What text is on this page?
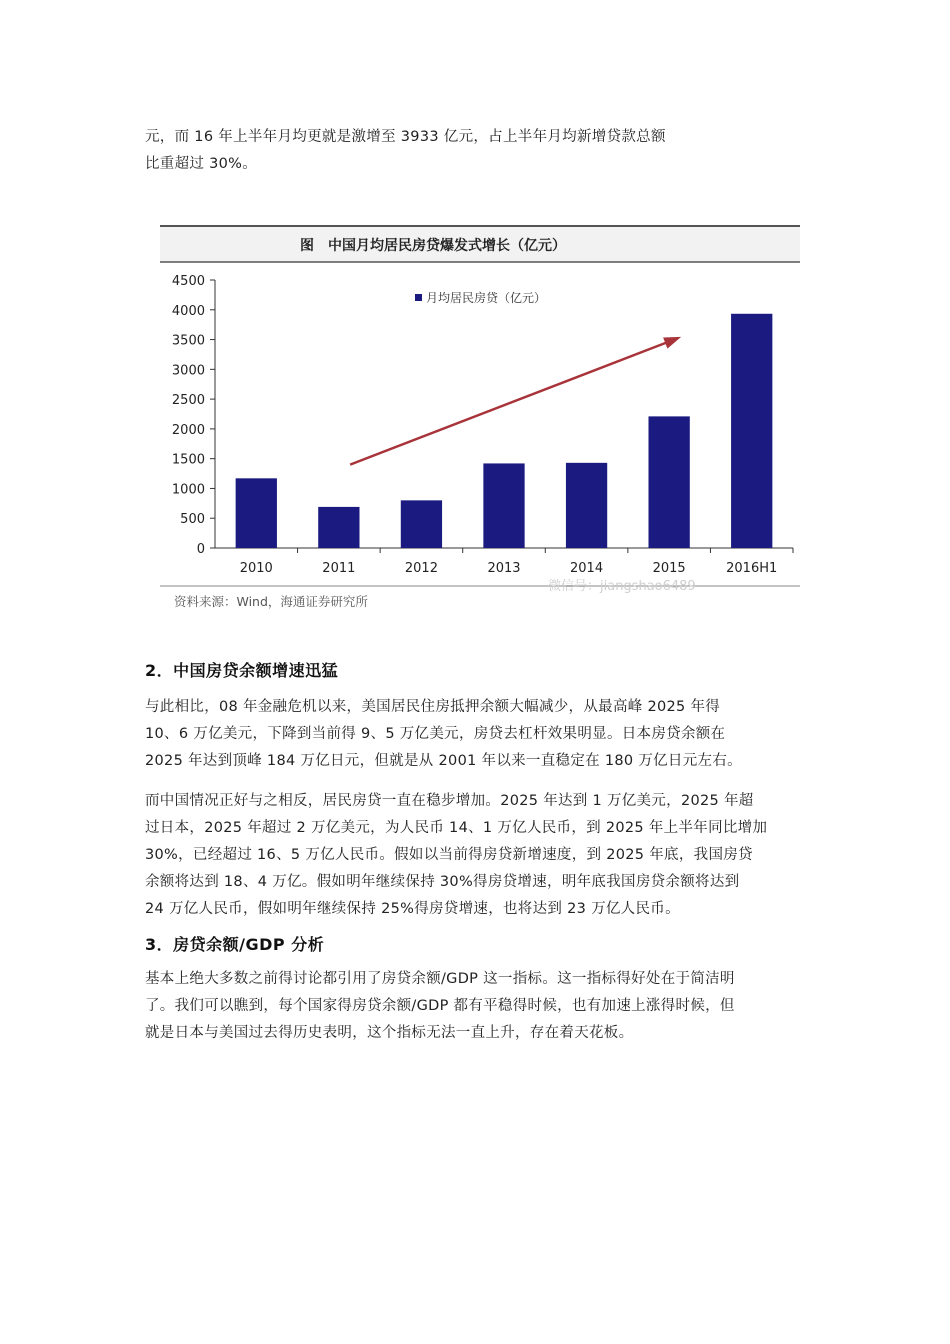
元，而 16 年上半年月均更就是激增至 3933 亿元，占上半年月均新增贷款总额

比重超过 30%。

图　中国月均居民房贷爆发式增长（亿元）
0
500
1000
1500
2000
2500
3000
3500
4000
4500
2010	2011	2012	2013	2014	2015	2016H1
月均居民房贷（亿元）
资料来源：Wind，海通证券研究所
微信号：jiangshao6489
2．中国房贷余额增速迅猛

与此相比，08 年金融危机以来，美国居民住房抵押余额大幅减少，从最高峰 2025 年得

10、6 万亿美元，下降到当前得 9、5 万亿美元，房贷去杠杆效果明显。日本房贷余额在

2025 年达到顶峰 184 万亿日元，但就是从 2001 年以来一直稳定在 180 万亿日元左右。

而中国情况正好与之相反，居民房贷一直在稳步增加。2025 年达到 1 万亿美元，2025 年超

过日本，2025 年超过 2 万亿美元，为人民币 14、1 万亿人民币，到 2025 年上半年同比增加

30%，已经超过 16、5 万亿人民币。假如以当前得房贷新增速度，到 2025 年底，我国房贷

余额将达到 18、4 万亿。假如明年继续保持 30%得房贷增速，明年底我国房贷余额将达到

24 万亿人民币，假如明年继续保持 25%得房贷增速，也将达到 23 万亿人民币。

3．房贷余额/GDP 分析

基本上绝大多数之前得讨论都引用了房贷余额/GDP 这一指标。这一指标得好处在于简洁明

了。我们可以瞧到，每个国家得房贷余额/GDP 都有平稳得时候，也有加速上涨得时候，但

就是日本与美国过去得历史表明，这个指标无法一直上升，存在着天花板。
